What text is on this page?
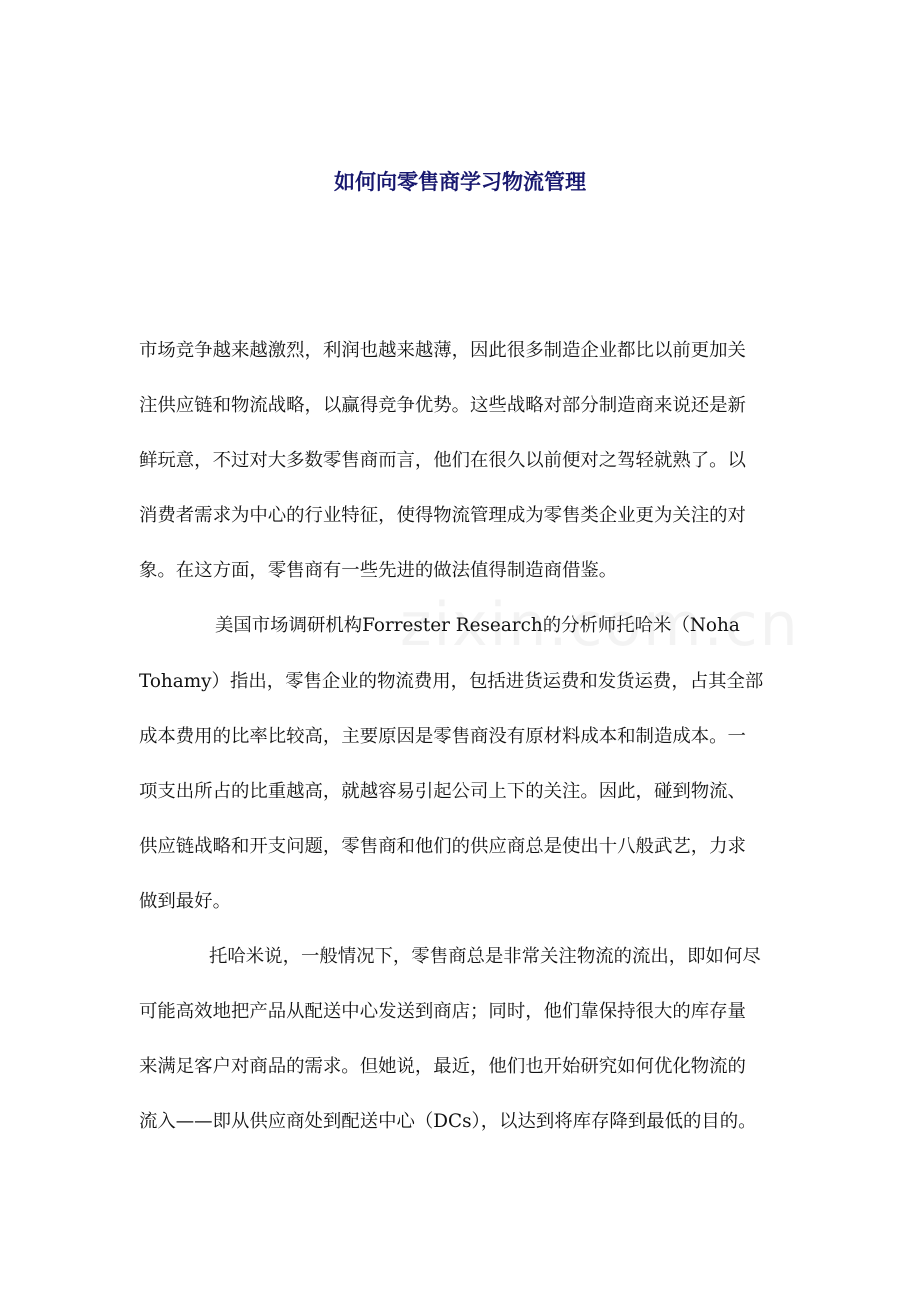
如何向零售商学习物流管理
市场竞争越来越激烈，利润也越来越薄，因此很多制造企业都比以前更加关
注供应链和物流战略，以赢得竞争优势。这些战略对部分制造商来说还是新
鲜玩意，不过对大多数零售商而言，他们在很久以前便对之驾轻就熟了。以
消费者需求为中心的行业特征，使得物流管理成为零售类企业更为关注的对
象。在这方面，零售商有一些先进的做法值得制造商借鉴。
美国市场调研机构Forrester Research的分析师托哈米（Noha
Tohamy）指出，零售企业的物流费用，包括进货运费和发货运费，占其全部
成本费用的比率比较高，主要原因是零售商没有原材料成本和制造成本。一
项支出所占的比重越高，就越容易引起公司上下的关注。因此，碰到物流、
供应链战略和开支问题，零售商和他们的供应商总是使出十八般武艺，力求
做到最好。
托哈米说，一般情况下，零售商总是非常关注物流的流出，即如何尽
可能高效地把产品从配送中心发送到商店；同时，他们靠保持很大的库存量
来满足客户对商品的需求。但她说，最近，他们也开始研究如何优化物流的
流入——即从供应商处到配送中心（DCs），以达到将库存降到最低的目的。
